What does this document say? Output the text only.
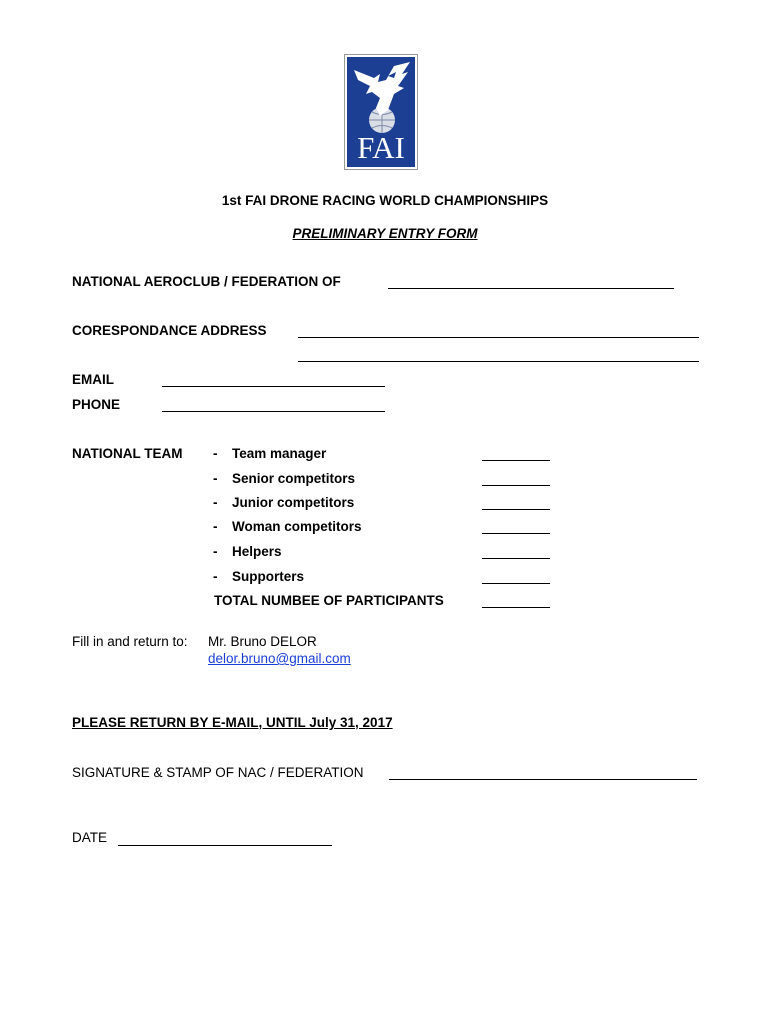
FAI
1st FAI DRONE RACING WORLD CHAMPIONSHIPS
PRELIMINARY ENTRY FORM
NATIONAL AEROCLUB / FEDERATION OF
CORESPONDANCE ADDRESS
EMAIL
PHONE
NATIONAL TEAM - Team manager
- Senior competitors
- Junior competitors
- Woman competitors
- Helpers
- Supporters
TOTAL NUMBEE OF PARTICIPANTS
Fill in and return to: Mr. Bruno DELOR
delor.bruno@gmail.com
PLEASE RETURN BY E-MAIL, UNTIL July 31, 2017
SIGNATURE & STAMP OF NAC / FEDERATION
DATE
